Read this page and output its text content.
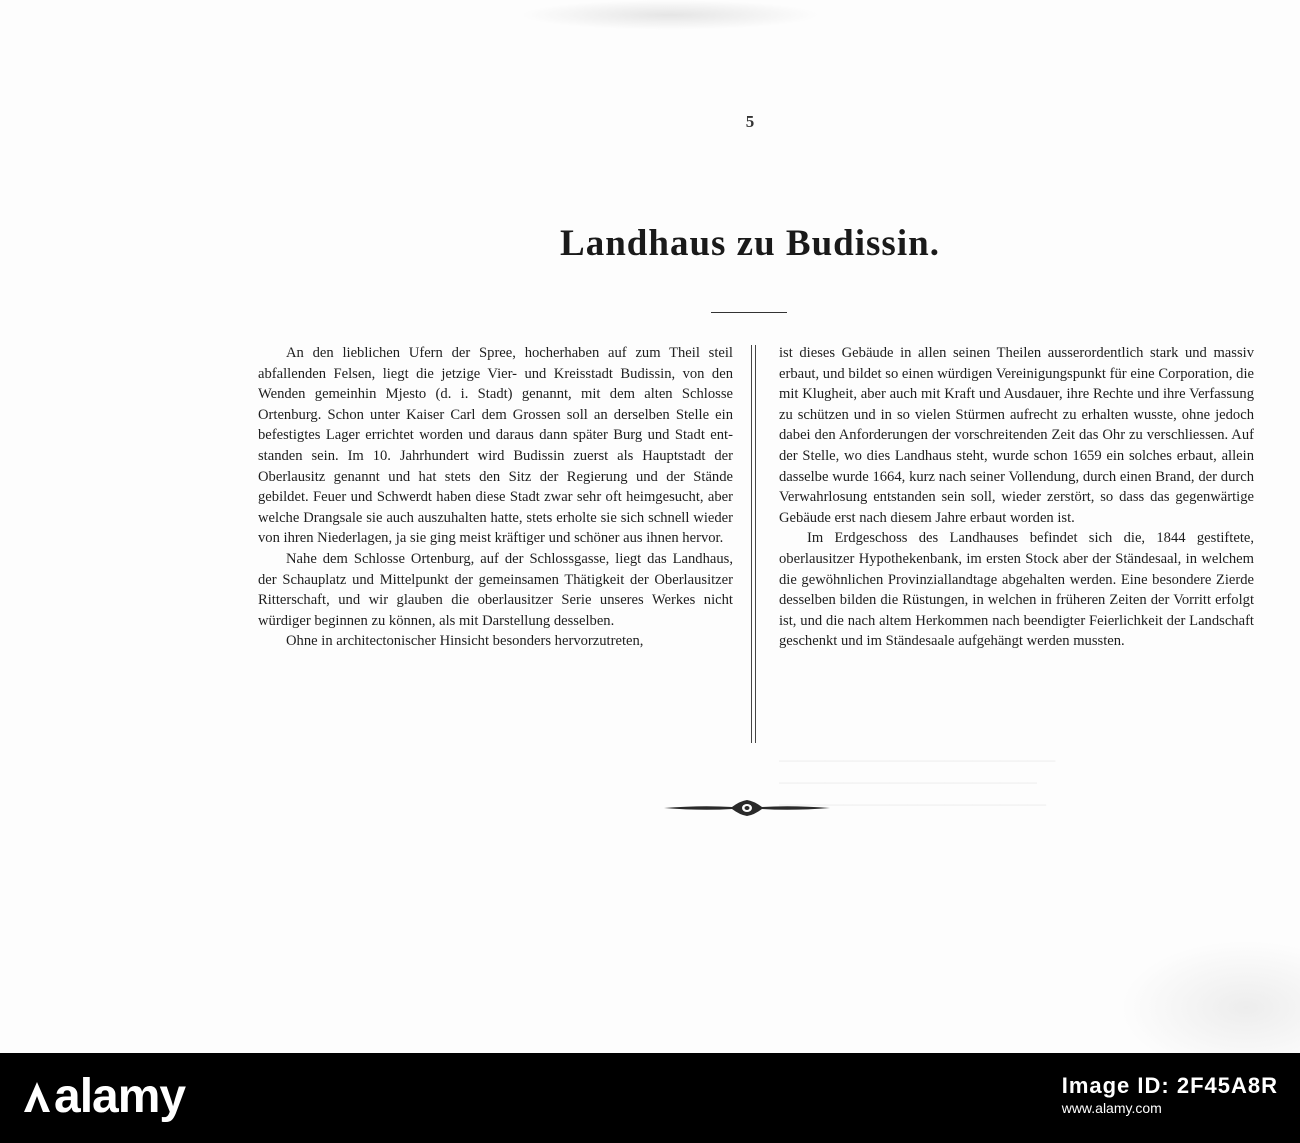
5
Landhaus zu Budissin.

An den lieblichen Ufern der Spree, hocherhaben auf zum Theil steil abfallenden Felsen, liegt die jetzige Vier- und Kreisstadt Budissin, von den Wenden gemeinhin Mjesto (d. i. Stadt) genannt, mit dem alten Schlosse Ortenburg. Schon unter Kaiser Carl dem Grossen soll an derselben Stelle ein befestigtes Lager errichtet worden und daraus dann später Burg und Stadt entstanden sein. Im 10. Jahrhundert wird Budissin zuerst als Hauptstadt der Oberlausitz genannt und hat stets den Sitz der Regierung und der Stände gebildet. Feuer und Schwerdt haben diese Stadt zwar sehr oft heimgesucht, aber welche Drangsale sie auch auszuhalten hatte, stets erholte sie sich schnell wieder von ihren Niederlagen, ja sie ging meist kräftiger und schöner aus ihnen hervor.

Nahe dem Schlosse Ortenburg, auf der Schlossgasse, liegt das Landhaus, der Schauplatz und Mittelpunkt der gemeinsamen Thätigkeit der Oberlausitzer Ritterschaft, und wir glauben die oberlausitzer Serie unseres Werkes nicht würdiger beginnen zu können, als mit Darstellung desselben.

Ohne in architectonischer Hinsicht besonders hervorzutreten,

ist dieses Gebäude in allen seinen Theilen ausserordentlich stark und massiv erbaut, und bildet so einen würdigen Vereinigungspunkt für eine Corporation, die mit Klugheit, aber auch mit Kraft und Ausdauer, ihre Rechte und ihre Verfassung zu schützen und in so vielen Stürmen aufrecht zu erhalten wusste, ohne jedoch dabei den Anforderungen der vorschreitenden Zeit das Ohr zu verschliessen. Auf der Stelle, wo dies Landhaus steht, wurde schon 1659 ein solches erbaut, allein dasselbe wurde 1664, kurz nach seiner Vollendung, durch einen Brand, der durch Verwahrlosung entstanden sein soll, wieder zerstört, so dass das gegenwärtige Gebäude erst nach diesem Jahre erbaut worden ist.

Im Erdgeschoss des Landhauses befindet sich die, 1844 gestiftete, oberlausitzer Hypothekenbank, im ersten Stock aber der Ständesaal, in welchem die gewöhnlichen Provinziallandtage abgehalten werden. Eine besondere Zierde desselben bilden die Rüstungen, in welchen in früheren Zeiten der Vorritt erfolgt ist, und die nach altem Herkommen nach beendigter Feierlichkeit der Landschaft geschenkt und im Ständesaale aufgehängt werden mussten.

──────────────────────────────
────────────────────────────
─────────────────────────────
alamy	Image ID: 2F45A8R
www.alamy.com
